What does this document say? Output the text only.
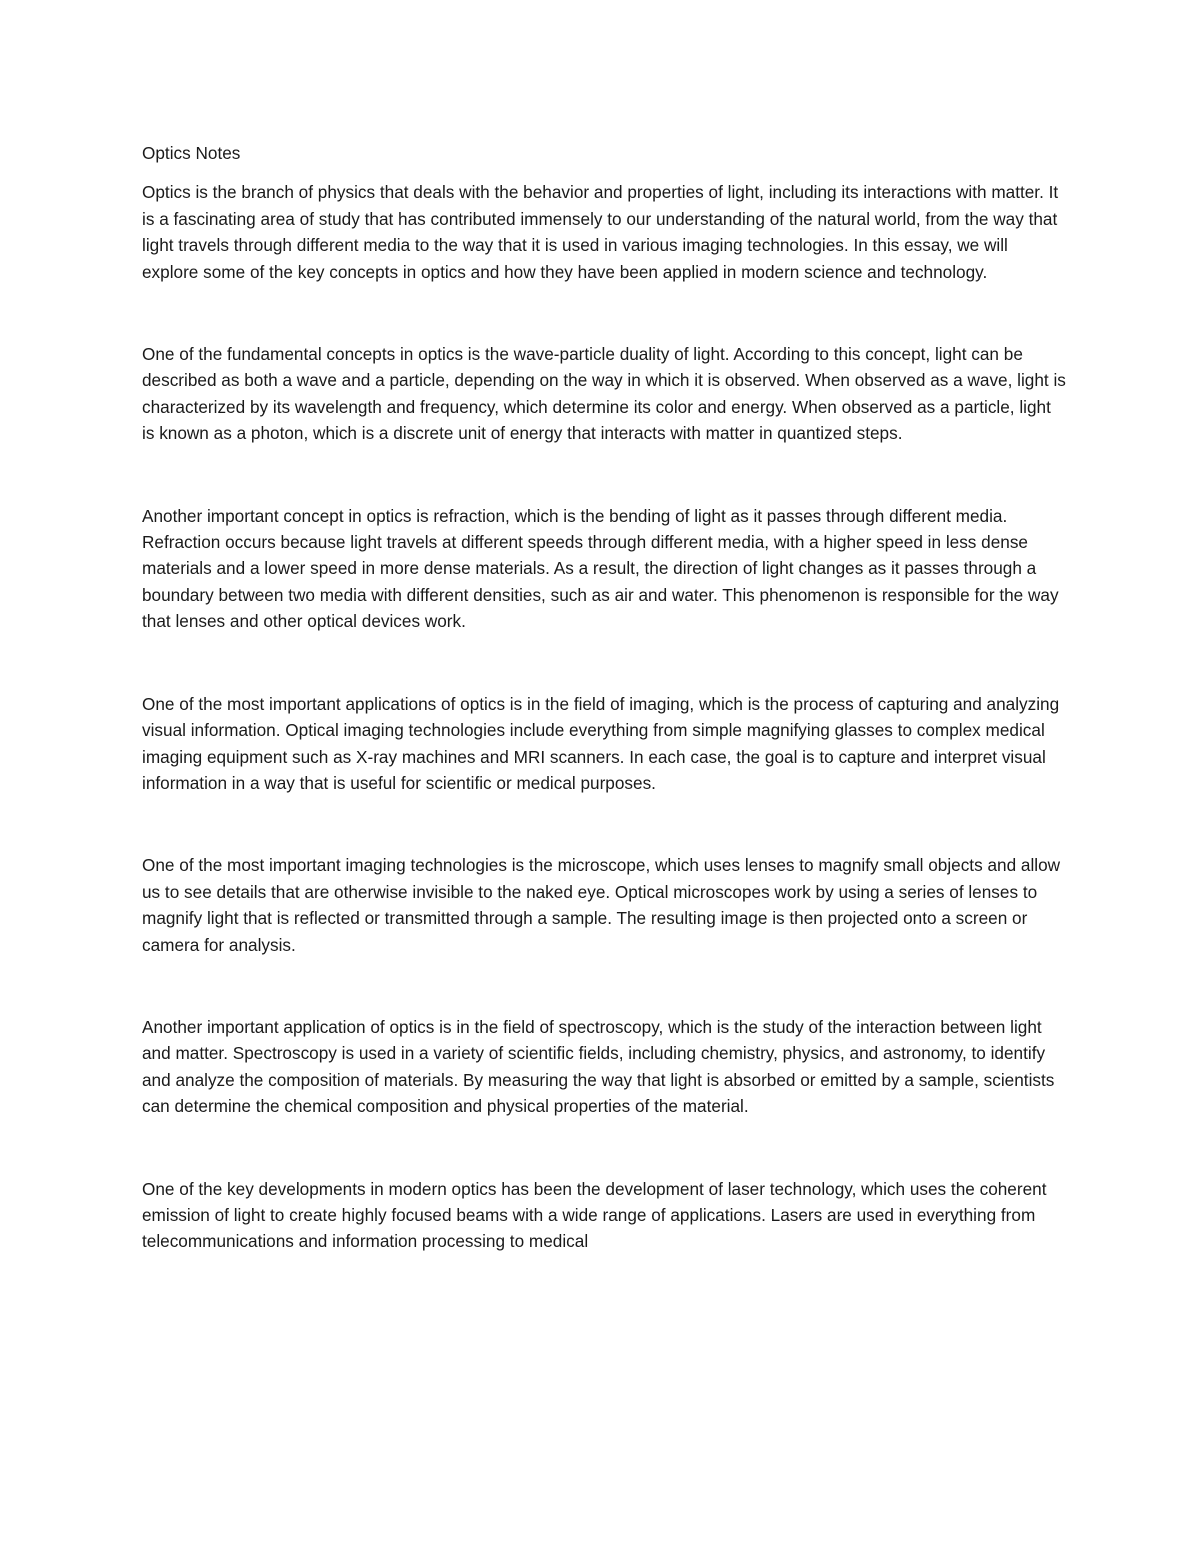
Optics Notes

Optics is the branch of physics that deals with the behavior and properties of light, including its interactions with matter. It is a fascinating area of study that has contributed immensely to our understanding of the natural world, from the way that light travels through different media to the way that it is used in various imaging technologies. In this essay, we will explore some of the key concepts in optics and how they have been applied in modern science and technology.

One of the fundamental concepts in optics is the wave-particle duality of light. According to this concept, light can be described as both a wave and a particle, depending on the way in which it is observed. When observed as a wave, light is characterized by its wavelength and frequency, which determine its color and energy. When observed as a particle, light is known as a photon, which is a discrete unit of energy that interacts with matter in quantized steps.

Another important concept in optics is refraction, which is the bending of light as it passes through different media. Refraction occurs because light travels at different speeds through different media, with a higher speed in less dense materials and a lower speed in more dense materials. As a result, the direction of light changes as it passes through a boundary between two media with different densities, such as air and water. This phenomenon is responsible for the way that lenses and other optical devices work.

One of the most important applications of optics is in the field of imaging, which is the process of capturing and analyzing visual information. Optical imaging technologies include everything from simple magnifying glasses to complex medical imaging equipment such as X-ray machines and MRI scanners. In each case, the goal is to capture and interpret visual information in a way that is useful for scientific or medical purposes.

One of the most important imaging technologies is the microscope, which uses lenses to magnify small objects and allow us to see details that are otherwise invisible to the naked eye. Optical microscopes work by using a series of lenses to magnify light that is reflected or transmitted through a sample. The resulting image is then projected onto a screen or camera for analysis.

Another important application of optics is in the field of spectroscopy, which is the study of the interaction between light and matter. Spectroscopy is used in a variety of scientific fields, including chemistry, physics, and astronomy, to identify and analyze the composition of materials. By measuring the way that light is absorbed or emitted by a sample, scientists can determine the chemical composition and physical properties of the material.

One of the key developments in modern optics has been the development of laser technology, which uses the coherent emission of light to create highly focused beams with a wide range of applications. Lasers are used in everything from telecommunications and information processing to medical
